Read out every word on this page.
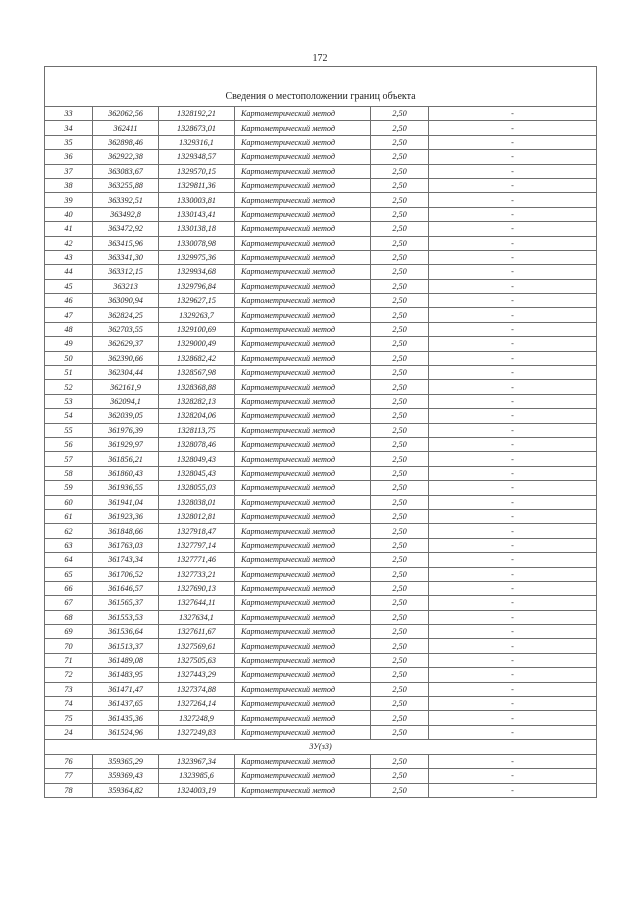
172
Сведения о местоположении границ объекта					
33	362062,56	1328192,21	Картометрический метод	2,50	-
34	362411	1328673,01	Картометрический метод	2,50	-
35	362898,46	1329316,1	Картометрический метод	2,50	-
36	362922,38	1329348,57	Картометрический метод	2,50	-
37	363083,67	1329570,15	Картометрический метод	2,50	-
38	363255,88	1329811,36	Картометрический метод	2,50	-
39	363392,51	1330003,81	Картометрический метод	2,50	-
40	363492,8	1330143,41	Картометрический метод	2,50	-
41	363472,92	1330138,18	Картометрический метод	2,50	-
42	363415,96	1330078,98	Картометрический метод	2,50	-
43	363341,30	1329975,36	Картометрический метод	2,50	-
44	363312,15	1329934,68	Картометрический метод	2,50	-
45	363213	1329796,84	Картометрический метод	2,50	-
46	363090,94	1329627,15	Картометрический метод	2,50	-
47	362824,25	1329263,7	Картометрический метод	2,50	-
48	362703,55	1329100,69	Картометрический метод	2,50	-
49	362629,37	1329000,49	Картометрический метод	2,50	-
50	362390,66	1328682,42	Картометрический метод	2,50	-
51	362304,44	1328567,98	Картометрический метод	2,50	-
52	362161,9	1328368,88	Картометрический метод	2,50	-
53	362094,1	1328282,13	Картометрический метод	2,50	-
54	362039,05	1328204,06	Картометрический метод	2,50	-
55	361976,39	1328113,75	Картометрический метод	2,50	-
56	361929,97	1328078,46	Картометрический метод	2,50	-
57	361856,21	1328049,43	Картометрический метод	2,50	-
58	361860,43	1328045,43	Картометрический метод	2,50	-
59	361936,55	1328055,03	Картометрический метод	2,50	-
60	361941,04	1328038,01	Картометрический метод	2,50	-
61	361923,36	1328012,81	Картометрический метод	2,50	-
62	361848,66	1327918,47	Картометрический метод	2,50	-
63	361763,03	1327797,14	Картометрический метод	2,50	-
64	361743,34	1327771,46	Картометрический метод	2,50	-
65	361706,52	1327733,21	Картометрический метод	2,50	-
66	361646,57	1327690,13	Картометрический метод	2,50	-
67	361565,37	1327644,11	Картометрический метод	2,50	-
68	361553,53	1327634,1	Картометрический метод	2,50	-
69	361536,64	1327611,67	Картометрический метод	2,50	-
70	361513,37	1327569,61	Картометрический метод	2,50	-
71	361489,08	1327505,63	Картометрический метод	2,50	-
72	361483,95	1327443,29	Картометрический метод	2,50	-
73	361471,47	1327374,88	Картометрический метод	2,50	-
74	361437,65	1327264,14	Картометрический метод	2,50	-
75	361435,36	1327248,9	Картометрический метод	2,50	-
24	361524,96	1327249,83	Картометрический метод	2,50	-
3У(з3)					
76	359365,29	1323967,34	Картометрический метод	2,50	-
77	359369,43	1323985,6	Картометрический метод	2,50	-
78	359364,82	1324003,19	Картометрический метод	2,50	-
